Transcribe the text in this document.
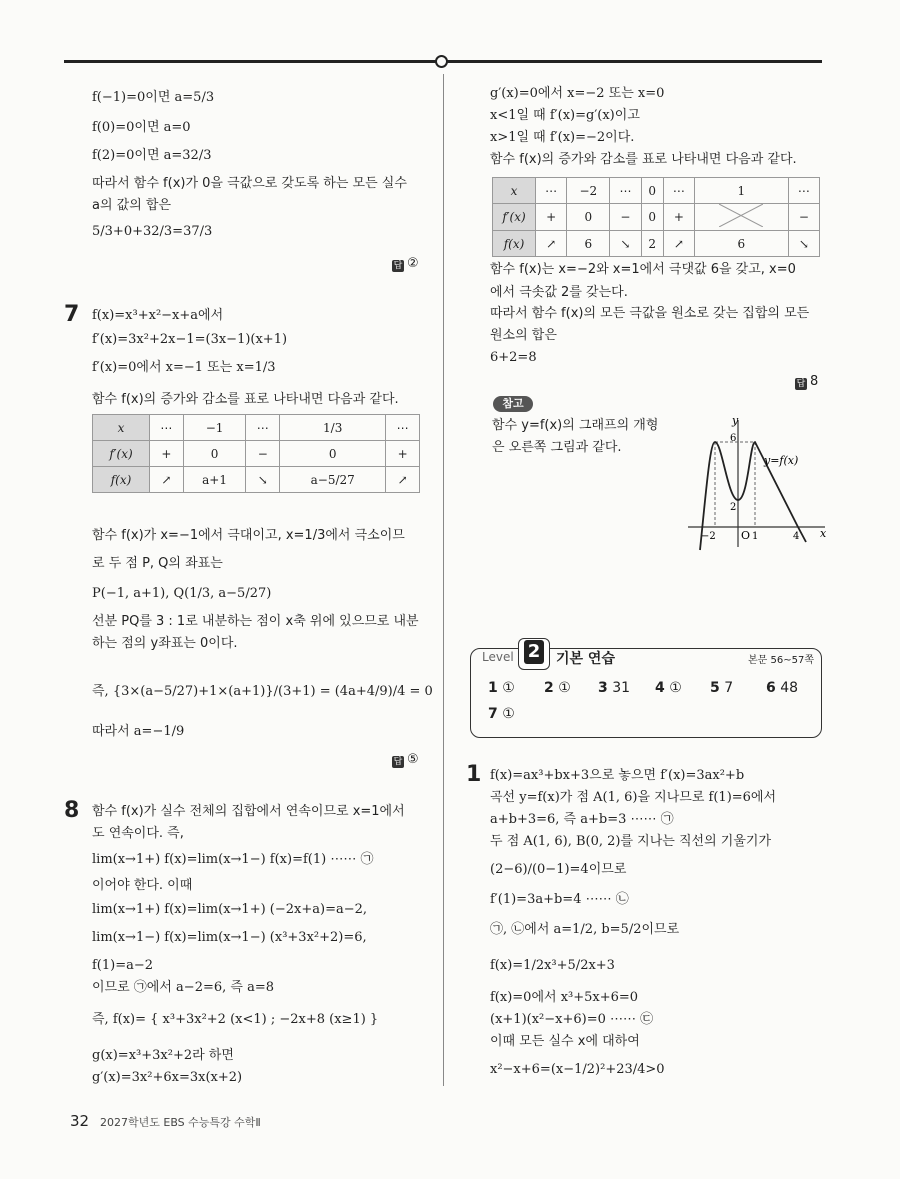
f(−1)=0이면 a=5/3
f(0)=0이면 a=0
f(2)=0이면 a=32/3
따라서 함수 f(x)가 0을 극값으로 갖도록 하는 모든 실수
a의 값의 합은
5/3+0+32/3=37/3
답 ②
7 f(x)=x³+x²−x+a에서
f′(x)=3x²+2x−1=(3x−1)(x+1)
f′(x)=0에서 x=−1 또는 x=1/3
함수 f(x)의 증가와 감소를 표로 나타내면 다음과 같다.
x	⋯	−1	⋯	1/3	⋯
f′(x)	+	0	−	0	+
f(x)	↗	a+1	↘	a−5/27	↗
함수 f(x)가 x=−1에서 극대이고, x=1/3에서 극소이므
로 두 점 P, Q의 좌표는
P(−1, a+1), Q(1/3, a−5/27)
선분 PQ를 3 : 1로 내분하는 점이 x축 위에 있으므로 내분
하는 점의 y좌표는 0이다.
즉, {3×(a−5/27)+1×(a+1)}/(3+1) = (4a+4/9)/4 = 0
따라서 a=−1/9
답 ⑤
8 함수 f(x)가 실수 전체의 집합에서 연속이므로 x=1에서
도 연속이다. 즉,
lim(x→1+) f(x)=lim(x→1−) f(x)=f(1) ⋯⋯ ㉠
이어야 한다. 이때
lim(x→1+) f(x)=lim(x→1+) (−2x+a)=a−2,
lim(x→1−) f(x)=lim(x→1−) (x³+3x²+2)=6,
f(1)=a−2
이므로 ㉠에서 a−2=6, 즉 a=8
즉, f(x)= { x³+3x²+2 (x<1) ; −2x+8 (x≥1) }
g(x)=x³+3x²+2라 하면
g′(x)=3x²+6x=3x(x+2)
g′(x)=0에서 x=−2 또는 x=0
x<1일 때 f′(x)=g′(x)이고
x>1일 때 f′(x)=−2이다.
함수 f(x)의 증가와 감소를 표로 나타내면 다음과 같다.
x	⋯	−2	⋯	0	⋯	1	⋯
f′(x)	+	0	−	0	+		−
f(x)	↗	6	↘	2	↗	6	↘
함수 f(x)는 x=−2와 x=1에서 극댓값 6을 갖고, x=0
에서 극솟값 2를 갖는다.
따라서 함수 f(x)의 모든 극값을 원소로 갖는 집합의 모든
원소의 합은
6+2=8
답 8
참고
함수 y=f(x)의 그래프의 개형
은 오른쪽 그림과 같다.
y
x
y=f(x)
O
−2	1	4
6
2
Level 2 기본 연습	본문 56~57쪽
1 ① 2 ① 3 31 4 ① 5 7 6 48
7 ①
1 f(x)=ax³+bx+3으로 놓으면 f′(x)=3ax²+b
곡선 y=f(x)가 점 A(1, 6)을 지나므로 f(1)=6에서
a+b+3=6, 즉 a+b=3 ⋯⋯ ㉠
두 점 A(1, 6), B(0, 2)를 지나는 직선의 기울기가
(2−6)/(0−1)=4이므로
f′(1)=3a+b=4 ⋯⋯ ㉡
㉠, ㉡에서 a=1/2, b=5/2이므로
f(x)=1/2x³+5/2x+3
f(x)=0에서 x³+5x+6=0
(x+1)(x²−x+6)=0 ⋯⋯ ㉢
이때 모든 실수 x에 대하여
x²−x+6=(x−1/2)²+23/4>0
32 2027학년도 EBS 수능특강 수학Ⅱ
